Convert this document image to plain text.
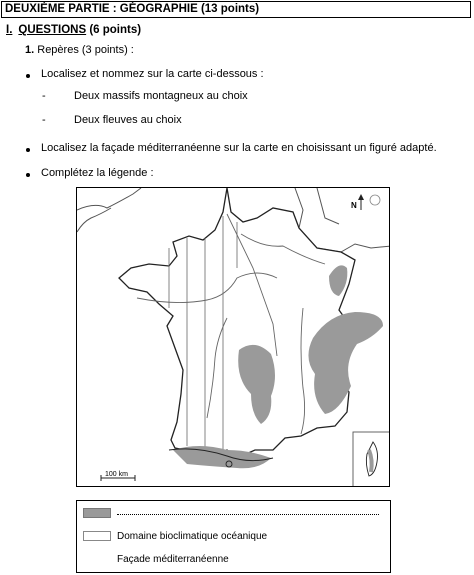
DEUXIÈME PARTIE : GÉOGRAPHIE (13 points)
I. QUESTIONS (6 points)
1. Repères (3 points) :
Localisez et nommez sur la carte ci-dessous :
-	Deux massifs montagneux au choix
-	Deux fleuves au choix
Localisez la façade méditerranéenne sur la carte en choisissant un figuré adapté.
Complétez la légende :
100 km
N
Domaine bioclimatique océanique
Façade méditerranéenne
